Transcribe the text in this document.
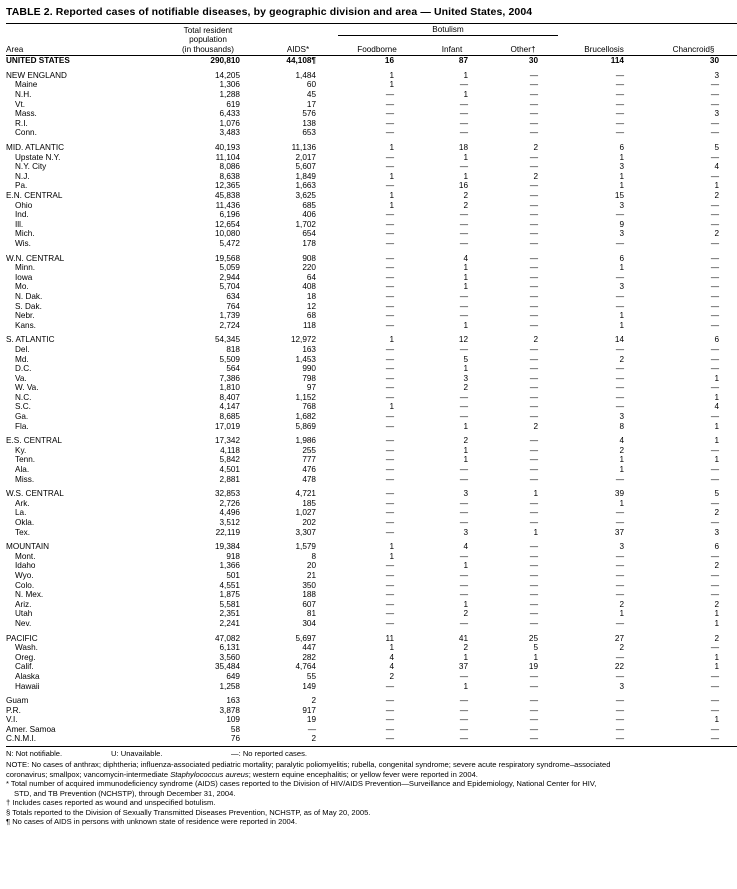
TABLE 2. Reported cases of notifiable diseases, by geographic division and area — United States, 2004

	Total resident		Botulism				
	population						
Area	(in thousands)	AIDS*	Foodborne	Infant	Other†	Brucellosis	Chancroid§

UNITED STATES	290,810	44,108¶	16	87	30	114	30

NEW ENGLAND	14,205	1,484	1	1	—	—	3
Maine	1,306	60	1	—	—	—	—
N.H.	1,288	45	—	1	—	—	—
Vt.	619	17	—	—	—	—	—
Mass.	6,433	576	—	—	—	—	3
R.I.	1,076	138	—	—	—	—	—
Conn.	3,483	653	—	—	—	—	—

MID. ATLANTIC	40,193	11,136	1	18	2	6	5
Upstate N.Y.	11,104	2,017	—	1	—	1	—
N.Y. City	8,086	5,607	—	—	—	3	4
N.J.	8,638	1,849	1	1	2	1	—
Pa.	12,365	1,663	—	16	—	1	1
E.N. CENTRAL	45,838	3,625	1	2	—	15	2
Ohio	11,436	685	1	2	—	3	—
Ind.	6,196	406	—	—	—	—	—
Ill.	12,654	1,702	—	—	—	9	—
Mich.	10,080	654	—	—	—	3	2
Wis.	5,472	178	—	—	—	—	—

W.N. CENTRAL	19,568	908	—	4	—	6	—
Minn.	5,059	220	—	1	—	1	—
Iowa	2,944	64	—	1	—	—	—
Mo.	5,704	408	—	1	—	3	—
N. Dak.	634	18	—	—	—	—	—
S. Dak.	764	12	—	—	—	—	—
Nebr.	1,739	68	—	—	—	1	—
Kans.	2,724	118	—	1	—	1	—

S. ATLANTIC	54,345	12,972	1	12	2	14	6
Del.	818	163	—	—	—	—	—
Md.	5,509	1,453	—	5	—	2	—
D.C.	564	990	—	1	—	—	—
Va.	7,386	798	—	3	—	—	1
W. Va.	1,810	97	—	2	—	—	—
N.C.	8,407	1,152	—	—	—	—	1
S.C.	4,147	768	1	—	—	—	4
Ga.	8,685	1,682	—	—	—	3	—
Fla.	17,019	5,869	—	1	2	8	1

E.S. CENTRAL	17,342	1,986	—	2	—	4	1
Ky.	4,118	255	—	1	—	2	—
Tenn.	5,842	777	—	1	—	1	1
Ala.	4,501	476	—	—	—	1	—
Miss.	2,881	478	—	—	—	—	—

W.S. CENTRAL	32,853	4,721	—	3	1	39	5
Ark.	2,726	185	—	—	—	1	—
La.	4,496	1,027	—	—	—	—	2
Okla.	3,512	202	—	—	—	—	—
Tex.	22,119	3,307	—	3	1	37	3

MOUNTAIN	19,384	1,579	1	4	—	3	6
Mont.	918	8	1	—	—	—	—
Idaho	1,366	20	—	1	—	—	2
Wyo.	501	21	—	—	—	—	—
Colo.	4,551	350	—	—	—	—	—
N. Mex.	1,875	188	—	—	—	—	—
Ariz.	5,581	607	—	1	—	2	2
Utah	2,351	81	—	2	—	1	1
Nev.	2,241	304	—	—	—	—	1

PACIFIC	47,082	5,697	11	41	25	27	2
Wash.	6,131	447	1	2	5	2	—
Oreg.	3,560	282	4	1	1	—	1
Calif.	35,484	4,764	4	37	19	22	1
Alaska	649	55	2	—	—	—	—
Hawaii	1,258	149	—	1	—	3	—

Guam	163	2	—	—	—	—	—
P.R.	3,878	917	—	—	—	—	—
V.I.	109	19	—	—	—	—	1
Amer. Samoa	58	—	—	—	—	—	—
C.N.M.I.	76	2	—	—	—	—	—
N: Not notifiable.	U: Unavailable.	—: No reported cases.
NOTE: No cases of anthrax; diphtheria; influenza-associated pediatric mortality; paralytic poliomyelitis; rubella, congenital syndrome; severe acute respiratory syndrome–associated
coronavirus; smallpox; vancomycin-intermediate Staphylococcus aureus; western equine encephalitis; or yellow fever were reported in 2004.
* Total number of acquired immunodeficiency syndrome (AIDS) cases reported to the Division of HIV/AIDS Prevention—Surveillance and Epidemiology, National Center for HIV,
STD, and TB Prevention (NCHSTP), through December 31, 2004.
† Includes cases reported as wound and unspecified botulism.
§ Totals reported to the Division of Sexually Transmitted Diseases Prevention, NCHSTP, as of May 20, 2005.
¶ No cases of AIDS in persons with unknown state of residence were reported in 2004.
